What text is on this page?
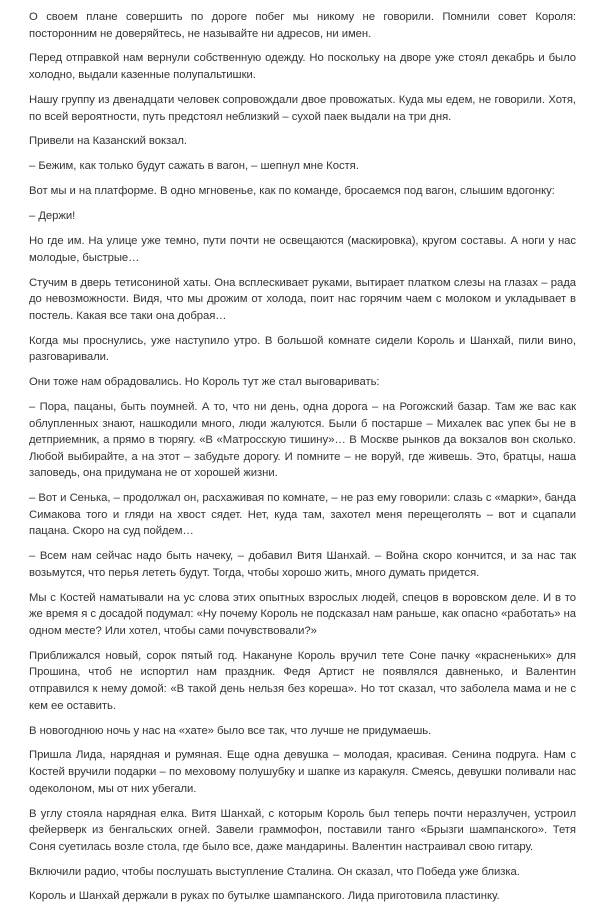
О своем плане совершить по дороге побег мы никому не говорили. Помнили совет Короля: посторонним не доверяйтесь, не называйте ни адресов, ни имен.

Перед отправкой нам вернули собственную одежду. Но поскольку на дворе уже стоял декабрь и было холодно, выдали казенные полупальтишки.

Нашу группу из двенадцати человек сопровождали двое провожатых. Куда мы едем, не говорили. Хотя, по всей вероятности, путь предстоял неблизкий – сухой паек выдали на три дня.

Привели на Казанский вокзал.

– Бежим, как только будут сажать в вагон, – шепнул мне Костя.

Вот мы и на платформе. В одно мгновенье, как по команде, бросаемся под вагон, слышим вдогонку:

– Держи!

Но где им. На улице уже темно, пути почти не освещаются (маскировка), кругом составы. А ноги у нас молодые, быстрые…

Стучим в дверь тетисониной хаты. Она всплескивает руками, вытирает платком слезы на глазах – рада до невозможности. Видя, что мы дрожим от холода, поит нас горячим чаем с молоком и укладывает в постель. Какая все таки она добрая…

Когда мы проснулись, уже наступило утро. В большой комнате сидели Король и Шанхай, пили вино, разговаривали.

Они тоже нам обрадовались. Но Король тут же стал выговаривать:

– Пора, пацаны, быть поумней. А то, что ни день, одна дорога – на Рогожский базар. Там же вас как облупленных знают, нашкодили много, люди жалуются. Были б постарше – Михалек вас упек бы не в детприемник, а прямо в тюрягу. «В «Матросскую тишину»… В Москве рынков да вокзалов вон сколько. Любой выбирайте, а на этот – забудьте дорогу. И помните – не воруй, где живешь. Это, братцы, наша заповедь, она придумана не от хорошей жизни.

– Вот и Сенька, – продолжал он, расхаживая по комнате, – не раз ему говорили: слазь с «марки», банда Симакова того и гляди на хвост сядет. Нет, куда там, захотел меня перещеголять – вот и сцапали пацана. Скоро на суд пойдем…

– Всем нам сейчас надо быть начеку, – добавил Витя Шанхай. – Война скоро кончится, и за нас так возьмутся, что перья лететь будут. Тогда, чтобы хорошо жить, много думать придется.

Мы с Костей наматывали на ус слова этих опытных взрослых людей, спецов в воровском деле. И в то же время я с досадой подумал: «Ну почему Король не подсказал нам раньше, как опасно «работать» на одном месте? Или хотел, чтобы сами почувствовали?»

Приближался новый, сорок пятый год. Накануне Король вручил тете Соне пачку «красненьких» для Прошина, чтоб не испортил нам праздник. Федя Артист не появлялся давненько, и Валентин отправился к нему домой: «В такой день нельзя без кореша». Но тот сказал, что заболела мама и не с кем ее оставить.

В новогоднюю ночь у нас на «хате» было все так, что лучше не придумаешь.

Пришла Лида, нарядная и румяная. Еще одна девушка – молодая, красивая. Сенина подруга. Нам с Костей вручили подарки – по меховому полушубку и шапке из каракуля. Смеясь, девушки поливали нас одеколоном, мы от них убегали.

В углу стояла нарядная елка. Витя Шанхай, с которым Король был теперь почти неразлучен, устроил фейерверк из бенгальских огней. Завели граммофон, поставили танго «Брызги шампанского». Тетя Соня суетилась возле стола, где было все, даже мандарины. Валентин настраивал свою гитару.

Включили радио, чтобы послушать выступление Сталина. Он сказал, что Победа уже близка.

Король и Шанхай держали в руках по бутылке шампанского. Лида приготовила пластинку.
